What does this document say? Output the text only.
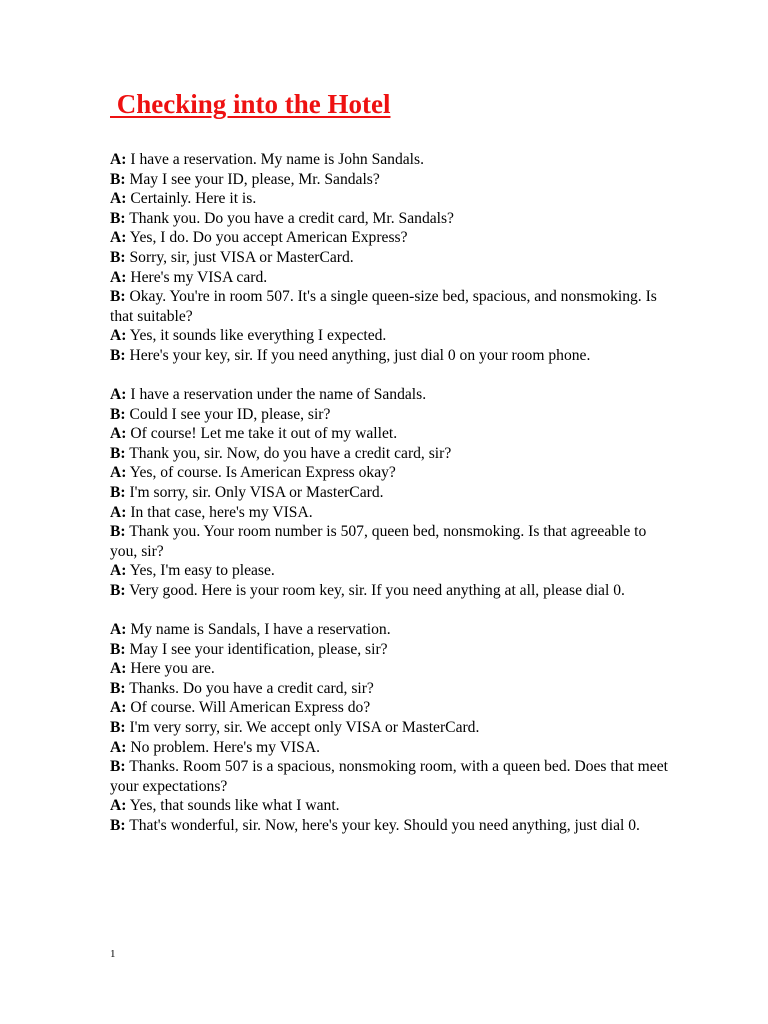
Checking into the Hotel

A: I have a reservation. My name is John Sandals.

B: May I see your ID, please, Mr. Sandals?

A: Certainly. Here it is.

B: Thank you. Do you have a credit card, Mr. Sandals?

A: Yes, I do. Do you accept American Express?

B: Sorry, sir, just VISA or MasterCard.

A: Here's my VISA card.

B: Okay. You're in room 507. It's a single queen-size bed, spacious, and nonsmoking. Is that suitable?

A: Yes, it sounds like everything I expected.

B: Here's your key, sir. If you need anything, just dial 0 on your room phone.

A: I have a reservation under the name of Sandals.

B: Could I see your ID, please, sir?

A: Of course! Let me take it out of my wallet.

B: Thank you, sir. Now, do you have a credit card, sir?

A: Yes, of course. Is American Express okay?

B: I'm sorry, sir. Only VISA or MasterCard.

A: In that case, here's my VISA.

B: Thank you. Your room number is 507, queen bed, nonsmoking. Is that agreeable to you, sir?

A: Yes, I'm easy to please.

B: Very good. Here is your room key, sir. If you need anything at all, please dial 0.

A: My name is Sandals, I have a reservation.

B: May I see your identification, please, sir?

A: Here you are.

B: Thanks. Do you have a credit card, sir?

A: Of course. Will American Express do?

B: I'm very sorry, sir. We accept only VISA or MasterCard.

A: No problem. Here's my VISA.

B: Thanks. Room 507 is a spacious, nonsmoking room, with a queen bed. Does that meet your expectations?

A: Yes, that sounds like what I want.

B: That's wonderful, sir. Now, here's your key. Should you need anything, just dial 0.

1
